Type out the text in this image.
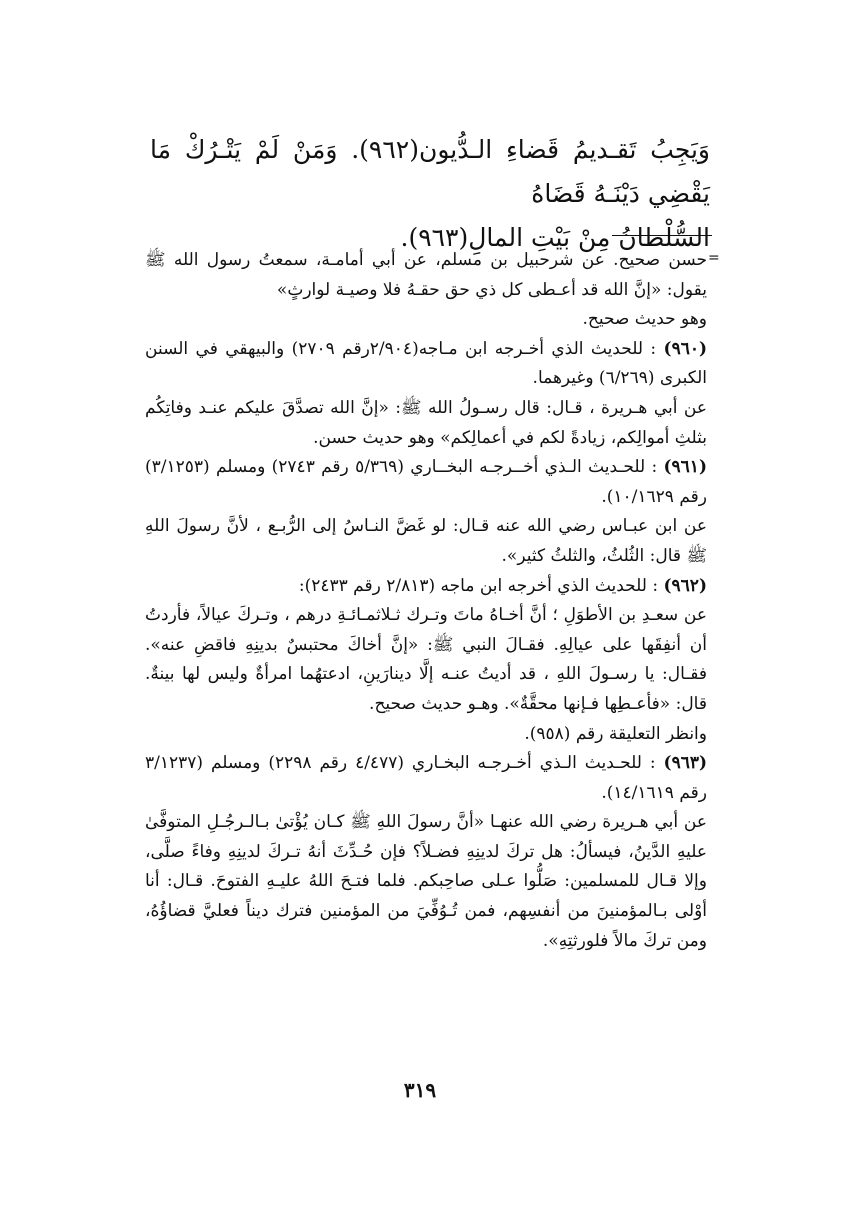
وَيَجِبُ تَقـديمُ قَضاءِ الـدُّيون(٩٦٢). وَمَنْ لَمْ يَتْـرُكْ مَا يَقْضِي دَيْنَـهُ قَضَاهُ

السُّلْطانُ مِنْ بَيْتِ المالِ(٩٦٣).

=

حسن صحيح. عن شرحبيل بن مسلم، عن أبي أمامـة، سمعتُ رسول الله ﷺ يقول: «إنَّ الله قد أعـطى كل ذي حق حقـهُ فلا وصيـة لوارثٍ»
وهو حديث صحيح.

(٩٦٠) : للحديث الذي أخـرجه ابن مـاجه(٢/٩٠٤رقم ٢٧٠٩) والبيهقي في السنن الكبرى (٦/٢٦٩) وغيرهما.
عن أبي هـريرة ، قـال: قال رسـولُ الله ﷺ: «إنَّ الله تصدَّقَ عليكم عنـد وفاتِكُم بثلثِ أموالِكم، زيادةً لكم في أعمالِكم» وهو حديث حسن.

(٩٦١) : للحـديث الـذي أخــرجـه البخــاري (٥/٣٦٩ رقم ٢٧٤٣) ومسلم (٣/١٢٥٣) رقم ١٠/١٦٢٩).
عن ابن عبـاس رضي الله عنه قـال: لو غَضَّ النـاسُ إلى الرُّبـع ، لأنَّ رسولَ اللهِ ﷺ قال: الثُلثُ، والثلثُ كثير».

(٩٦٢) : للحديث الذي أخرجه ابن ماجه (٢/٨١٣ رقم ٢٤٣٣):
عن سعـدِ بن الأطوَلِ ؛ أنَّ أخـاهُ ماتَ وتـرك ثـلاثمـائـةِ درهم ، وتـركَ عيالاً، فأردتُ أن أنفِقَها على عيالِهِ. فقـالَ النبي ﷺ: «إنَّ أخاكَ محتبسٌ بدينِهِ فاقضِ عنه». فقـال: يا رسـولَ اللهِ ، قد أديتُ عنـه إلَّا دينارَينِ، ادعتهُما امرأةٌ وليس لها بينةٌ. قال: «فأعـطِها فـإنها محقَّةٌ». وهـو حديث صحيح.
وانظر التعليقة رقم (٩٥٨).

(٩٦٣) : للحـديث الـذي أخـرجـه البخـاري (٤/٤٧٧ رقم ٢٢٩٨) ومسلم (٣/١٢٣٧ رقم ١٤/١٦١٩).
عن أبي هـريرة رضي الله عنهـا «أنَّ رسولَ اللهِ ﷺ كـان يُؤْتىٰ بـالـرجُـلِ المتوفَّىٰ عليهِ الدَّينُ، فيسألُ: هل تركَ لدينِهِ فضـلاً؟ فإن حُـدِّثَ أنهُ تـركَ لدينِهِ وفاءً صلَّى، وإلا قـال للمسلمين: صَلُّوا عـلى صاحِبكم. فلما فتـحَ اللهُ عليـهِ الفتوحَ. قـال: أنا أوْلى بـالمؤمنينَ من أنفسِهم، فمن تُـوُفِّيَ من المؤمنين فترك ديناً فعليَّ قضاؤُهُ، ومن تركَ مالاً فلورثتِهِ».

٣١٩
